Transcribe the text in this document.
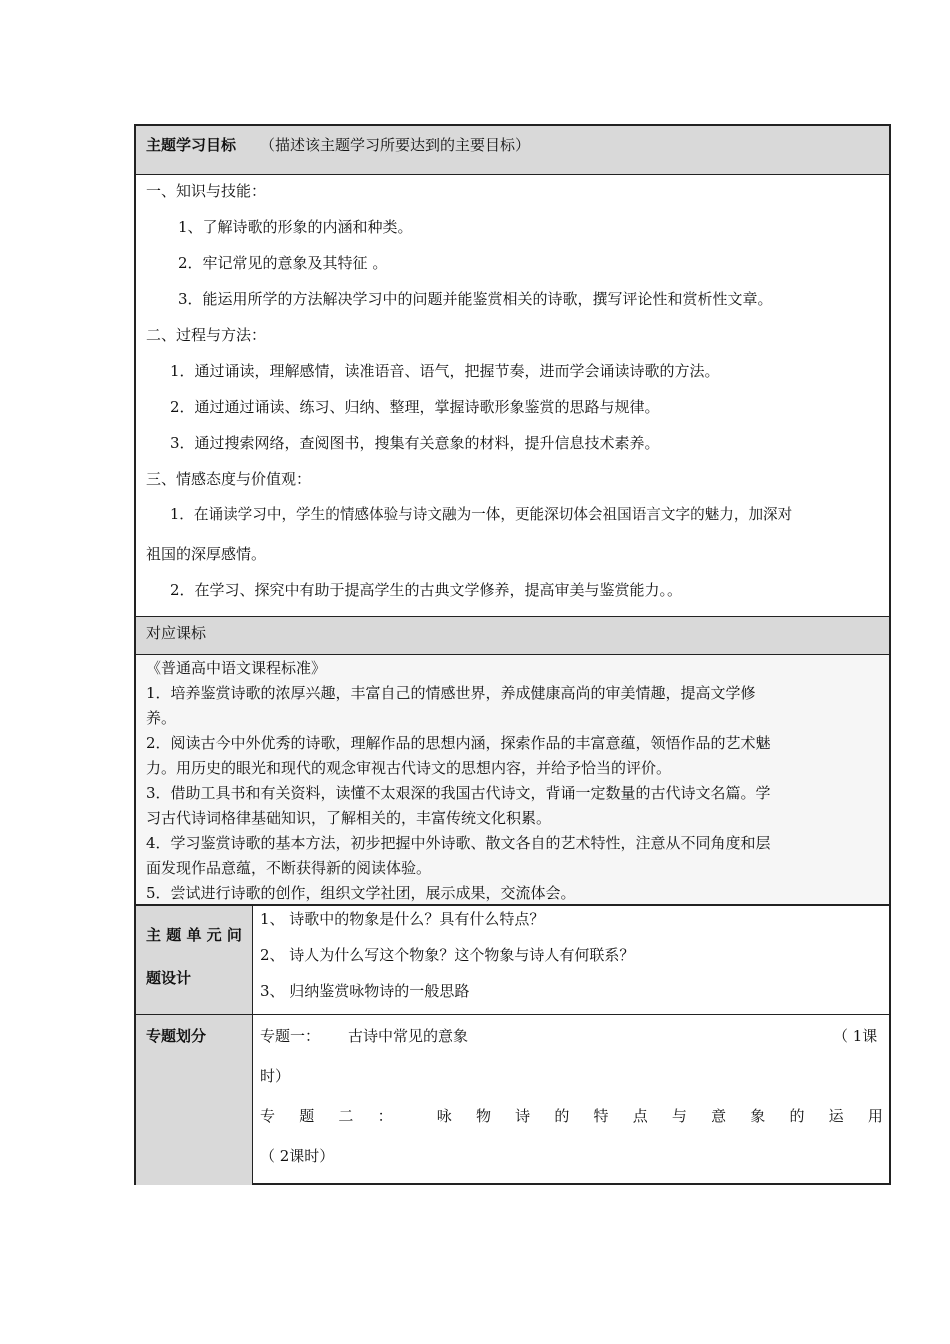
主题学习目标 （描述该主题学习所要达到的主要目标）
一、知识与技能：
1、了解诗歌的形象的内涵和种类。
2．牢记常见的意象及其特征 。
3．能运用所学的方法解决学习中的问题并能鉴赏相关的诗歌，撰写评论性和赏析性文章。
二、过程与方法：
1．通过诵读，理解感情，读准语音、语气，把握节奏，进而学会诵读诗歌的方法。
2．通过通过诵读、练习、归纳、整理，掌握诗歌形象鉴赏的思路与规律。
3．通过搜索网络，查阅图书，搜集有关意象的材料，提升信息技术素养。
三、情感态度与价值观：
1．在诵读学习中，学生的情感体验与诗文融为一体，更能深切体会祖国语言文字的魅力，加深对
祖国的深厚感情。
2．在学习、探究中有助于提高学生的古典文学修养，提高审美与鉴赏能力。。
对应课标
《普通高中语文课程标准》
1．培养鉴赏诗歌的浓厚兴趣，丰富自己的情感世界，养成健康高尚的审美情趣，提高文学修
养。
2．阅读古今中外优秀的诗歌，理解作品的思想内涵，探索作品的丰富意蕴，领悟作品的艺术魅
力。用历史的眼光和现代的观念审视古代诗文的思想内容，并给予恰当的评价。
3．借助工具书和有关资料，读懂不太艰深的我国古代诗文，背诵一定数量的古代诗文名篇。学
习古代诗词格律基础知识，了解相关的，丰富传统文化积累。
4．学习鉴赏诗歌的基本方法，初步把握中外诗歌、散文各自的艺术特性，注意从不同角度和层
面发现作品意蕴，不断获得新的阅读体验。
5．尝试进行诗歌的创作，组织文学社团，展示成果，交流体会。
主 题 单 元 问
题设计
1、 诗歌中的物象是什么？具有什么特点？
2、 诗人为什么写这个物象？这个物象与诗人有何联系？
3、 归纳鉴赏咏物诗的一般思路
专题划分	专题一： 古诗中常见的意象	（ 1课
时）
专 题 二 ：	咏 物 诗 的 特 点 与 意 象 的 运 用
（ 2课时）
